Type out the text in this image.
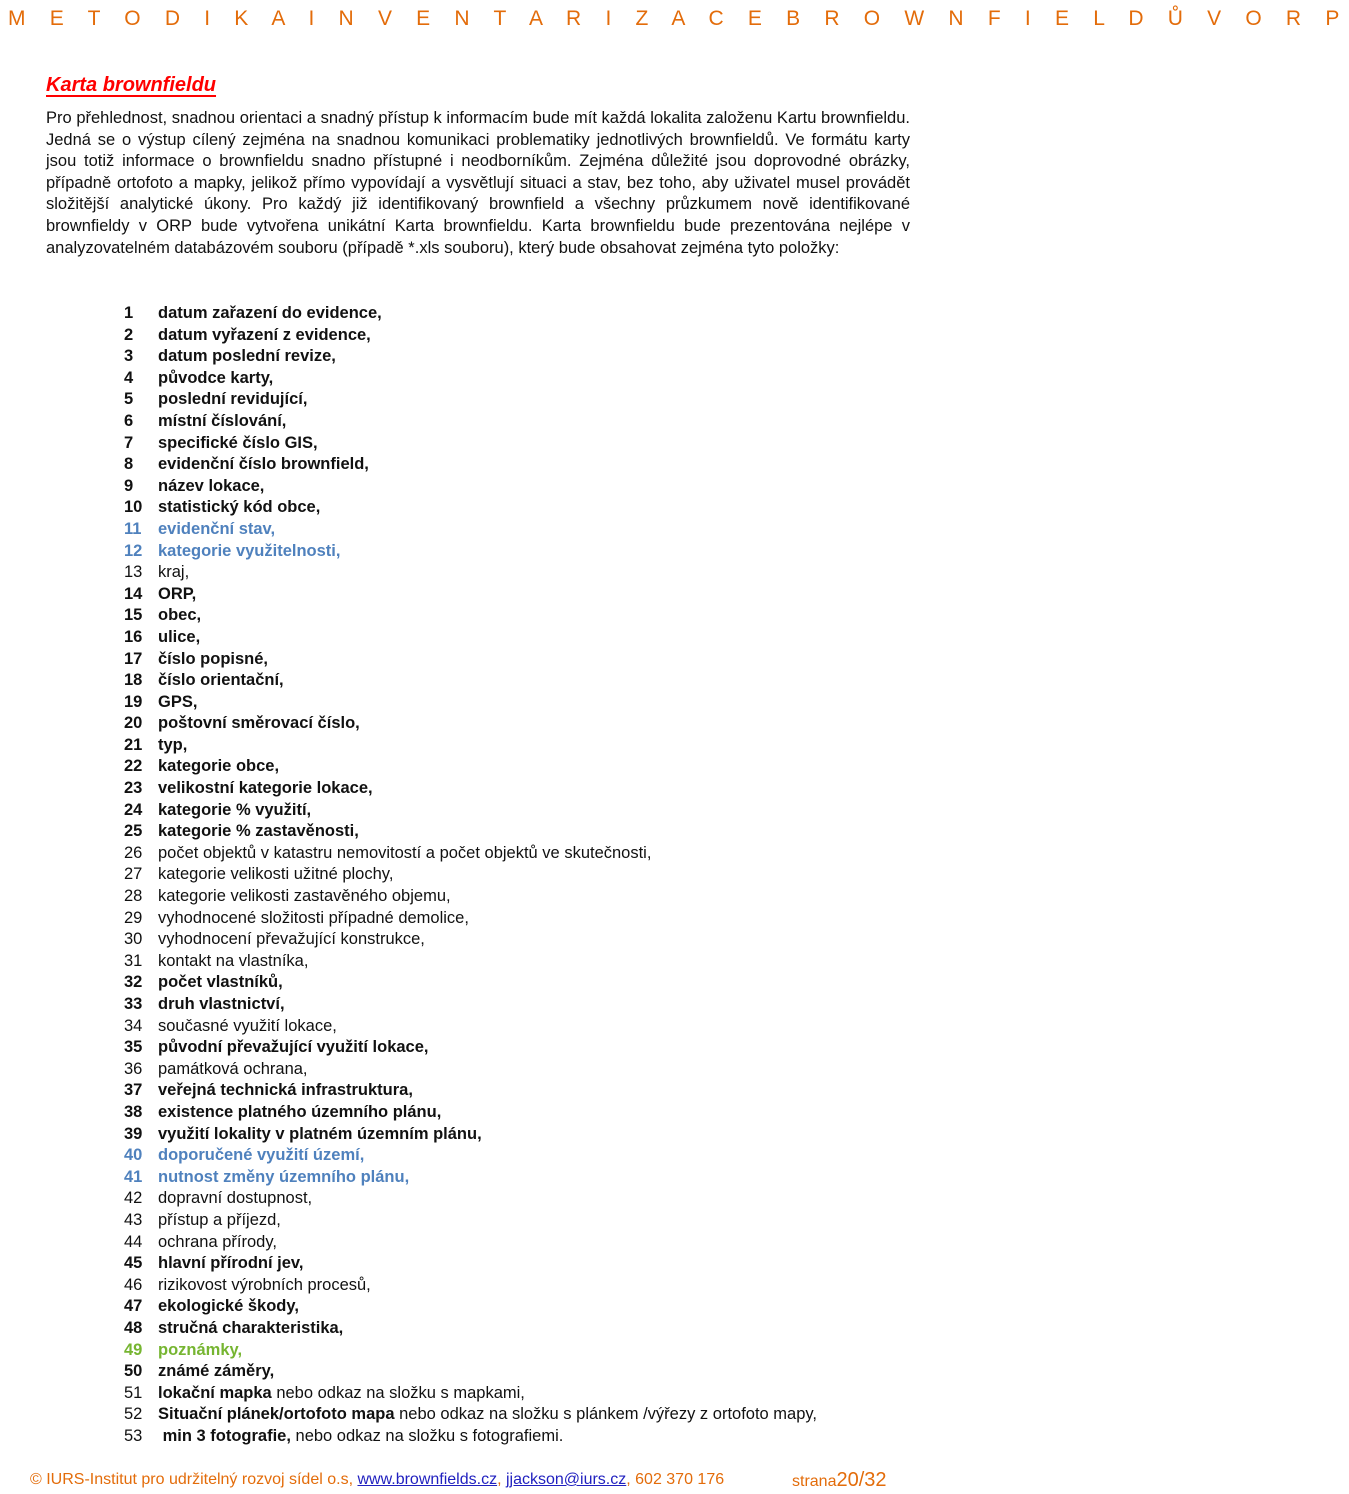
M E T O D I K A I N V E N T A R I Z A C E B R O W N F I E L D Ů V O R P
Karta brownfieldu

Pro přehlednost, snadnou orientaci a snadný přístup k informacím bude mít každá lokalita založenu Kartu brownfieldu. Jedná se o výstup cílený zejména na snadnou komunikaci problematiky jednotlivých brownfieldů. Ve formátu karty jsou totiž informace o brownfieldu snadno přístupné i neodborníkům. Zejména důležité jsou doprovodné obrázky, případně ortofoto a mapky, jelikož přímo vypovídají a vysvětlují situaci a stav, bez toho, aby uživatel musel provádět složitější analytické úkony. Pro každý již identifikovaný brownfield a všechny průzkumem nově identifikované brownfieldy v ORP bude vytvořena unikátní Karta brownfieldu. Karta brownfieldu bude prezentována nejlépe v analyzovatelném databázovém souboru (případě *.xls souboru), který bude obsahovat zejména tyto položky:

1 datum zařazení do evidence,
2 datum vyřazení z evidence,
3 datum poslední revize,
4 původce karty,
5 poslední revidující,
6 místní číslování,
7 specifické číslo GIS,
8 evidenční číslo brownfield,
9 název lokace,
10 statistický kód obce,
11 evidenční stav,
12 kategorie využitelnosti,
13 kraj,
14 ORP,
15 obec,
16 ulice,
17 číslo popisné,
18 číslo orientační,
19 GPS,
20 poštovní směrovací číslo,
21 typ,
22 kategorie obce,
23 velikostní kategorie lokace,
24 kategorie % využití,
25 kategorie % zastavěnosti,
26 počet objektů v katastru nemovitostí a počet objektů ve skutečnosti,
27 kategorie velikosti užitné plochy,
28 kategorie velikosti zastavěného objemu,
29 vyhodnocené složitosti případné demolice,
30 vyhodnocení převažující konstrukce,
31 kontakt na vlastníka,
32 počet vlastníků,
33 druh vlastnictví,
34 současné využití lokace,
35 původní převažující využití lokace,
36 památková ochrana,
37 veřejná technická infrastruktura,
38 existence platného územního plánu,
39 využití lokality v platném územním plánu,
40 doporučené využití území,
41 nutnost změny územního plánu,
42 dopravní dostupnost,
43 přístup a příjezd,
44 ochrana přírody,
45 hlavní přírodní jev,
46 rizikovost výrobních procesů,
47 ekologické škody,
48 stručná charakteristika,
49 poznámky,
50 známé záměry,
51 lokační mapka nebo odkaz na složku s mapkami,
52 Situační plánek/ortofoto mapa nebo odkaz na složku s plánkem /výřezy z ortofoto mapy,
53 min 3 fotografie, nebo odkaz na složku s fotografiemi.
© IURS-Institut pro udržitelný rozvoj sídel o.s, www.brownfields.cz, jjackson@iurs.cz, 602 370 176	strana20/32
